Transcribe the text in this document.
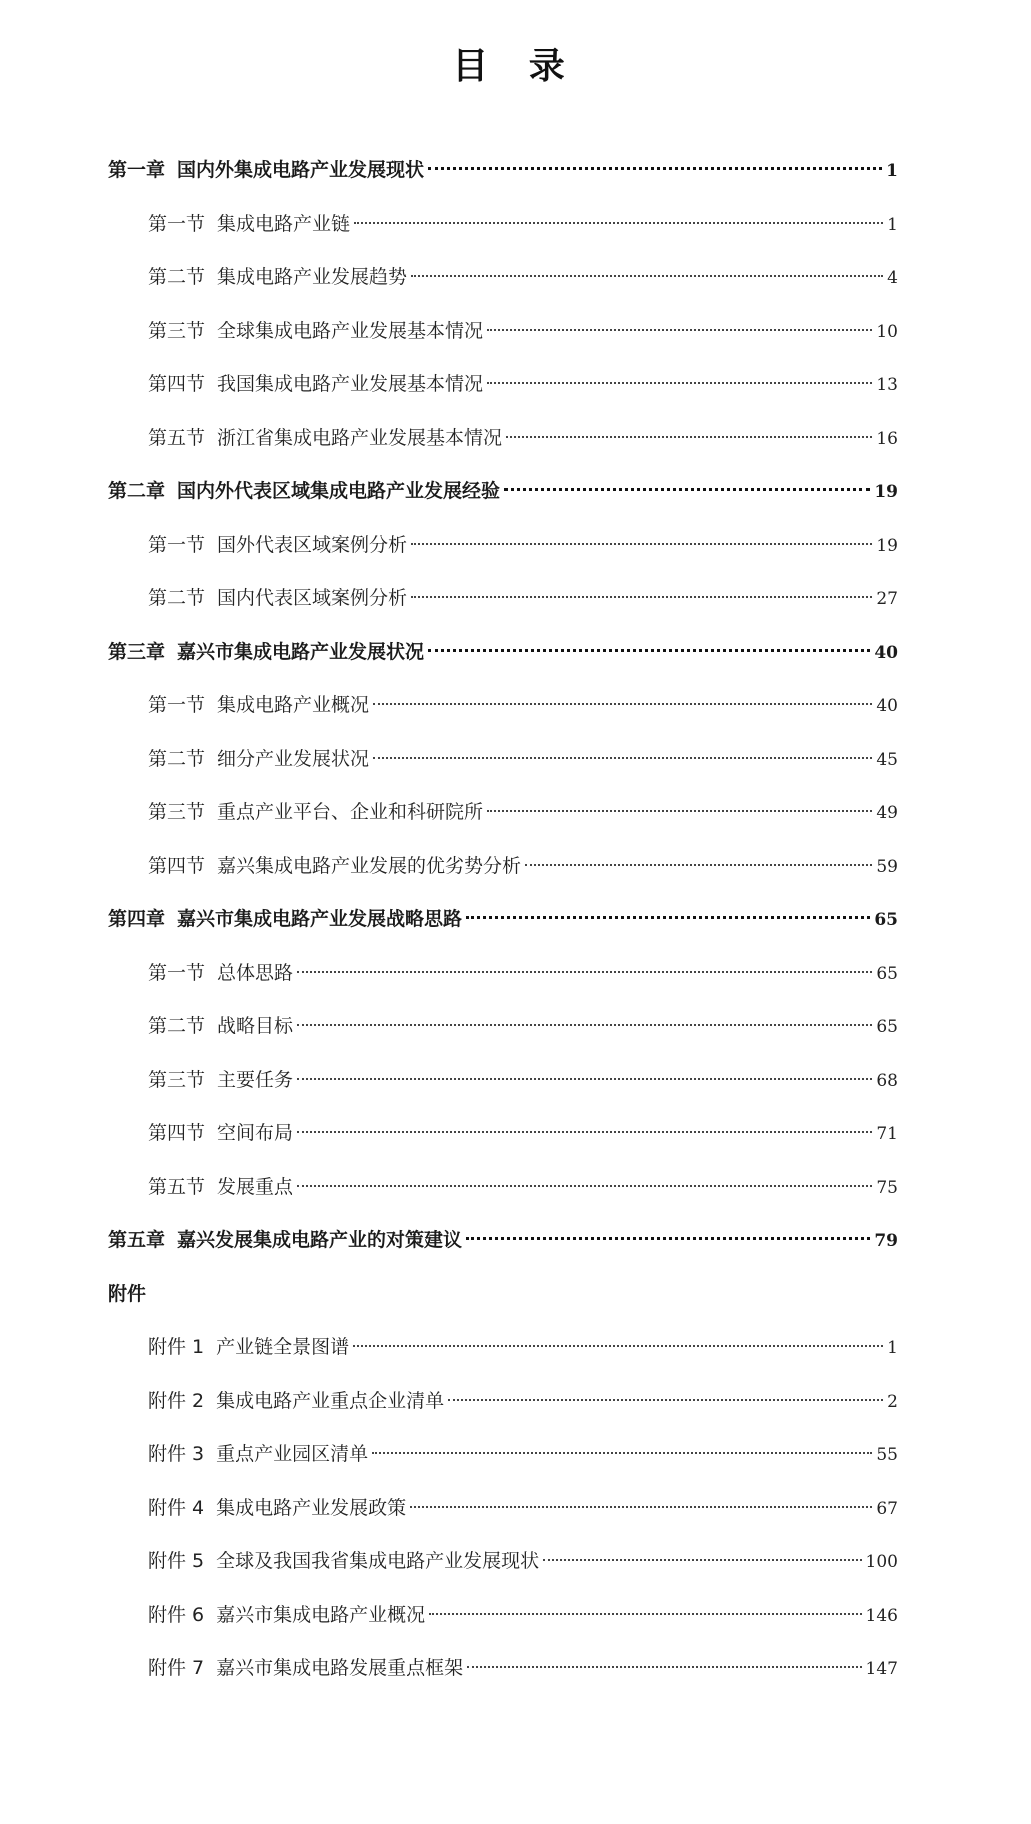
目 录
第一章 国内外集成电路产业发展现状	1
第一节 集成电路产业链	1
第二节 集成电路产业发展趋势	4
第三节 全球集成电路产业发展基本情况	10
第四节 我国集成电路产业发展基本情况	13
第五节 浙江省集成电路产业发展基本情况	16
第二章 国内外代表区域集成电路产业发展经验	19
第一节 国外代表区域案例分析	19
第二节 国内代表区域案例分析	27
第三章 嘉兴市集成电路产业发展状况	40
第一节 集成电路产业概况	40
第二节 细分产业发展状况	45
第三节 重点产业平台、企业和科研院所	49
第四节 嘉兴集成电路产业发展的优劣势分析	59
第四章 嘉兴市集成电路产业发展战略思路	65
第一节 总体思路	65
第二节 战略目标	65
第三节 主要任务	68
第四节 空间布局	71
第五节 发展重点	75
第五章 嘉兴发展集成电路产业的对策建议	79
附件
附件 1 产业链全景图谱	1
附件 2 集成电路产业重点企业清单	2
附件 3 重点产业园区清单	55
附件 4 集成电路产业发展政策	67
附件 5 全球及我国我省集成电路产业发展现状	100
附件 6 嘉兴市集成电路产业概况	146
附件 7 嘉兴市集成电路发展重点框架	147
